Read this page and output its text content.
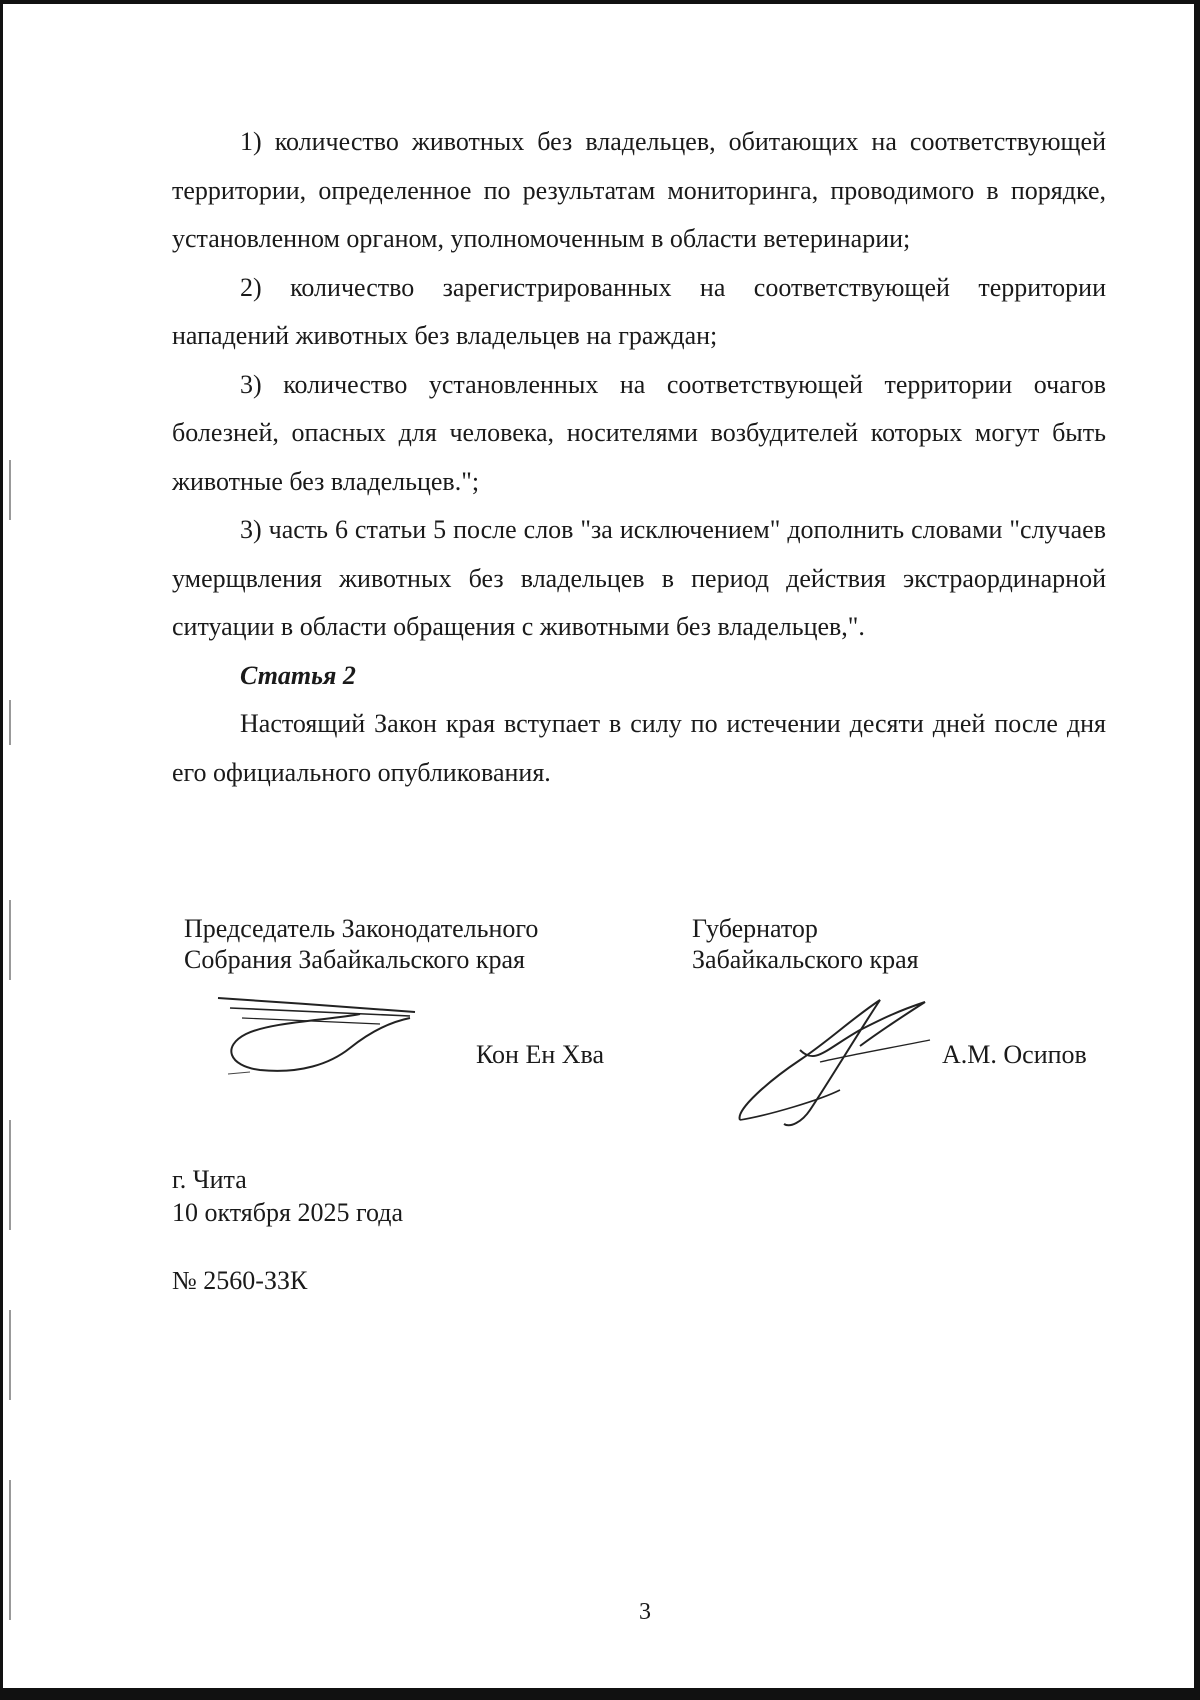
1) количество животных без владельцев, обитающих на соответствующей территории, определенное по результатам мониторинга, проводимого в порядке, установленном органом, уполномоченным в области ветеринарии;

2) количество зарегистрированных на соответствующей территории нападений животных без владельцев на граждан;

3) количество установленных на соответствующей территории очагов болезней, опасных для человека, носителями возбудителей которых могут быть животные без владельцев.";

3) часть 6 статьи 5 после слов "за исключением" дополнить словами "случаев умерщвления животных без владельцев в период действия экстраординарной ситуации в области обращения с животными без владельцев,".

Статья 2

Настоящий Закон края вступает в силу по истечении десяти дней после дня его официального опубликования.

Председатель Законодательного
Собрания Забайкальского края
Кон Ен Хва
Губернатор
Забайкальского края
А.М. Осипов
г. Чита
10 октября 2025 года
№ 2560-ЗЗК
3
